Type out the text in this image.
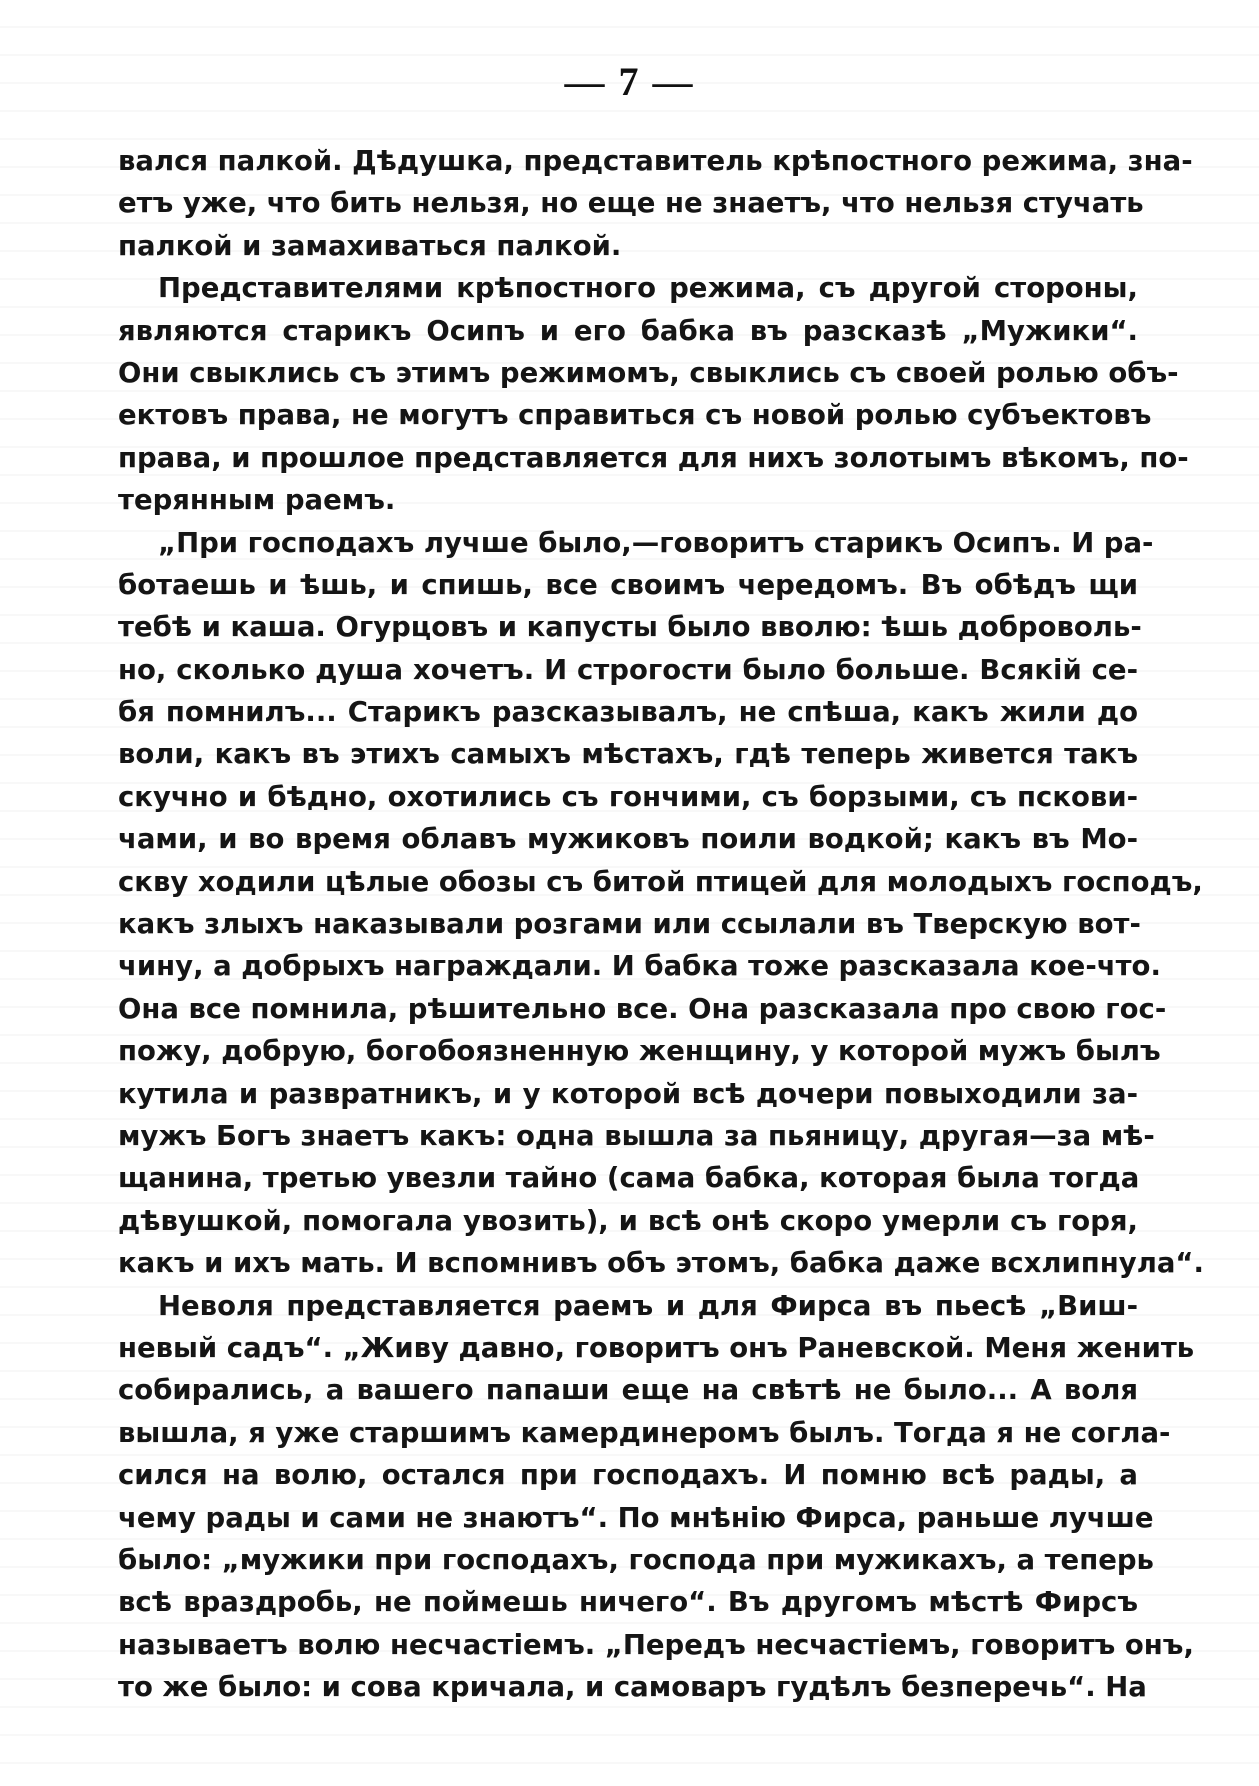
— 7 —
вался палкой. Дѣдушка, представитель крѣпостного режима, зна-
етъ уже, что бить нельзя, но еще не знаетъ, что нельзя стучать
палкой и замахиваться палкой.
Представителями крѣпостного режима, съ другой стороны,
являются старикъ Осипъ и его бабка въ разсказѣ „Мужики“.
Они свыклись съ этимъ режимомъ, свыклись съ своей ролью объ-
ектовъ права, не могутъ справиться съ новой ролью субъектовъ
права, и прошлое представляется для нихъ золотымъ вѣкомъ, по-
терянным раемъ.
„При господахъ лучше было,—говоритъ старикъ Осипъ. И ра-
ботаешь и ѣшь, и спишь, все своимъ чередомъ. Въ обѣдъ щи
тебѣ и каша. Огурцовъ и капусты было вволю: ѣшь доброволь-
но, сколько душа хочетъ. И строгости было больше. Всякій се-
бя помнилъ... Старикъ разсказывалъ, не спѣша, какъ жили до
воли, какъ въ этихъ самыхъ мѣстахъ, гдѣ теперь живется такъ
скучно и бѣдно, охотились съ гончими, съ борзыми, съ пскови-
чами, и во время облавъ мужиковъ поили водкой; какъ въ Мо-
скву ходили цѣлые обозы съ битой птицей для молодыхъ господъ,
какъ злыхъ наказывали розгами или ссылали въ Тверскую вот-
чину, а добрыхъ награждали. И бабка тоже разсказала кое-что.
Она все помнила, рѣшительно все. Она разсказала про свою гос-
пожу, добрую, богобоязненную женщину, у которой мужъ былъ
кутила и развратникъ, и у которой всѣ дочери повыходили за-
мужъ Богъ знаетъ какъ: одна вышла за пьяницу, другая—за мѣ-
щанина, третью увезли тайно (сама бабка, которая была тогда
дѣвушкой, помогала увозить), и всѣ онѣ скоро умерли съ горя,
какъ и ихъ мать. И вспомнивъ объ этомъ, бабка даже всхлипнула“.
Неволя представляется раемъ и для Фирса въ пьесѣ „Виш-
невый садъ“. „Живу давно, говоритъ онъ Раневской. Меня женить
собирались, а вашего папаши еще на свѣтѣ не было... А воля
вышла, я уже старшимъ камердинеромъ былъ. Тогда я не согла-
сился на волю, остался при господахъ. И помню всѣ рады, а
чему рады и сами не знаютъ“. По мнѣнію Фирса, раньше лучше
было: „мужики при господахъ, господа при мужикахъ, а теперь
всѣ враздробь, не поймешь ничего“. Въ другомъ мѣстѣ Фирсъ
называетъ волю несчастіемъ. „Передъ несчастіемъ, говоритъ онъ,
то же было: и сова кричала, и самоваръ гудѣлъ безперечь“. На
